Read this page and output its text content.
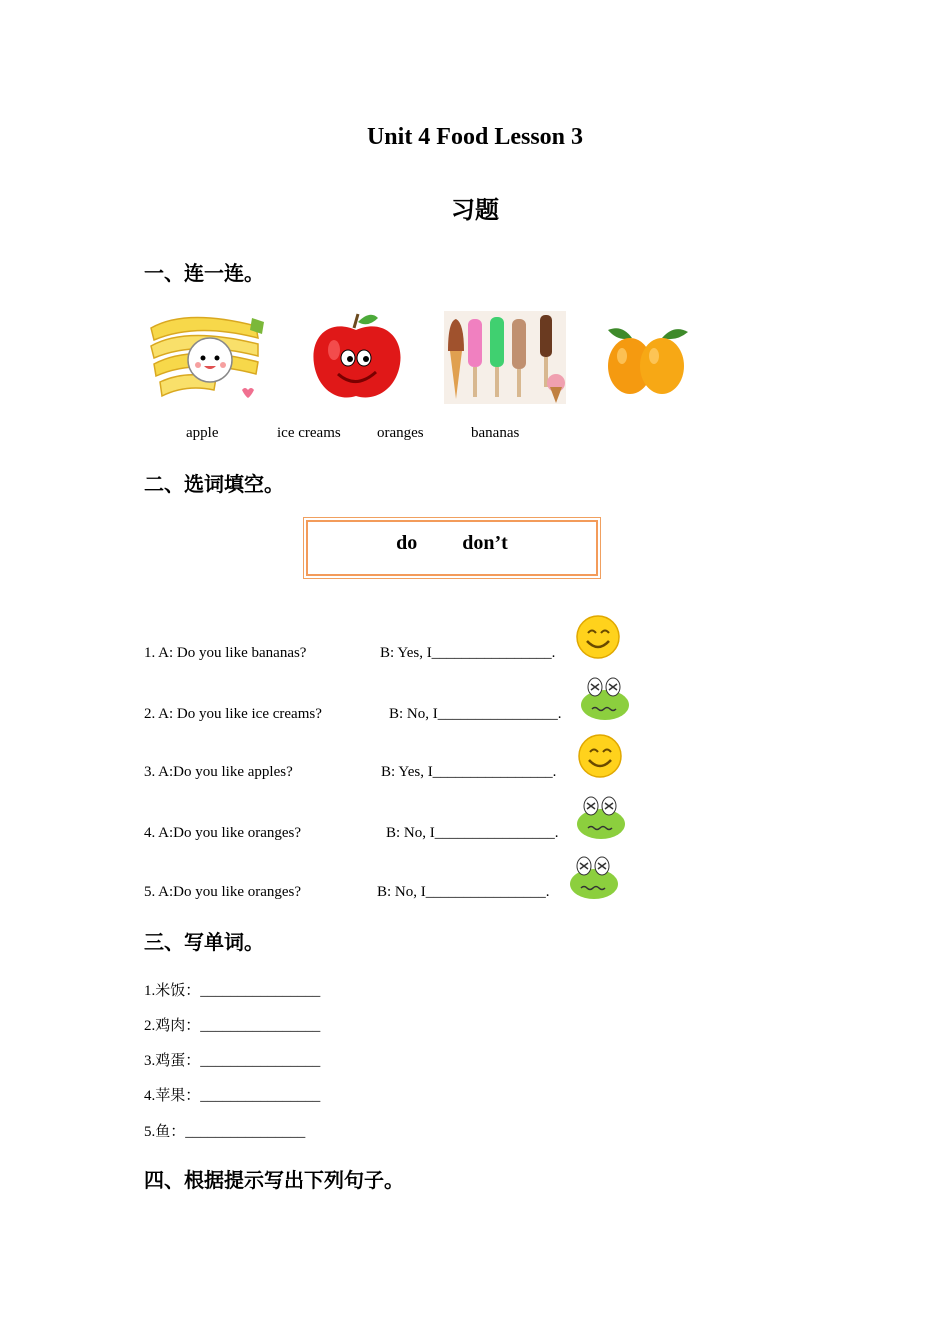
Unit 4 Food Lesson 3
习题
一、连一连。
apple	ice creams oranges	bananas
二、选词填空。
do   don’t
1. A: Do you like bananas?	B: Yes, I________________.
2. A: Do you like ice creams?	B: No, I________________.
3. A:Do you like apples?	B: Yes, I________________.
4. A:Do you like oranges?	B: No, I________________.
5. A:Do you like oranges?	B: No, I________________.
三、写单词。
1.米饭：________________
2.鸡肉：________________
3.鸡蛋：________________
4.苹果：________________
5.鱼：________________
四、根据提示写出下列句子。
